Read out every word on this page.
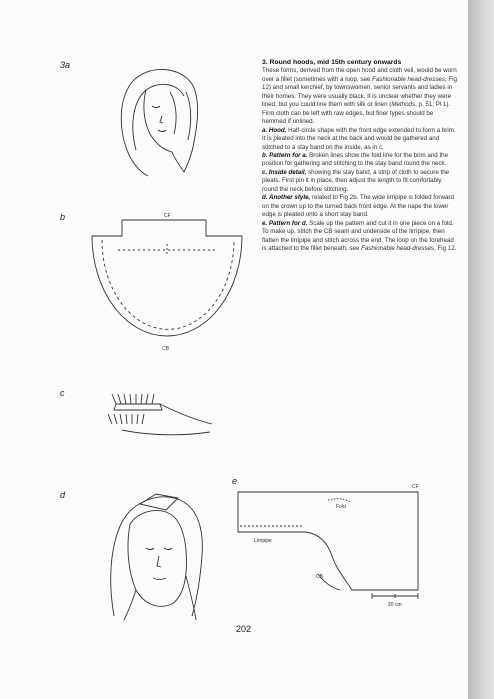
3a
b
c
d
e
CF
CB
CF
Fold
Lirripipe
CB
20 cm

3. Round hoods, mid 15th century onwards

These forms, derived from the open hood and cloth veil, would be worn over a fillet (sometimes with a loop, see Fashionable head-dresses, Fig 12) and small kerchief, by townswomen, senior servants and ladies in their homes. They were usually black. It is unclear whether they were lined, but you could line them with silk or linen (Methods, p. 51; Pl 1). Firm cloth can be left with raw edges, but finer types should be hemmed if unlined.

a. Hood. Half-circle shape with the front edge extended to form a brim. It is pleated into the neck at the back and would be gathered and stitched to a stay band on the inside, as in c.

b. Pattern for a. Broken lines show the fold line for the brim and the position for gathering and stitching to the stay band round the neck.

c. Inside detail, showing the stay band, a strip of cloth to secure the pleats. First pin it in place, then adjust the length to fit comfortably round the neck before stitching.

d. Another style, related to Fig 2b. The wide lirripipe is folded forward on the crown up to the turned back front edge. At the nape the lower edge is pleated onto a short stay band.

e. Pattern for d. Scale up the pattern and cut it in one piece on a fold. To make up, stitch the CB seam and underside of the lirripipe, then flatten the lirripipe and stitch across the end. The loop on the forehead is attached to the fillet beneath, see Fashionable head-dresses, Fig 12.

202
